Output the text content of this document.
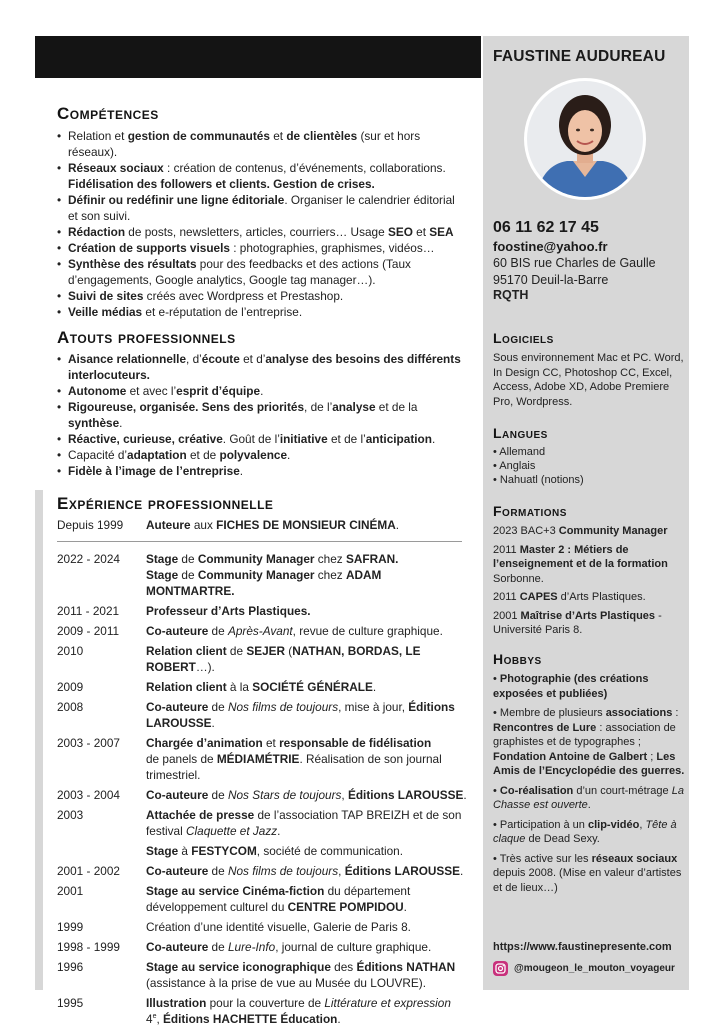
FAUSTINE AUDUREAU
06 11 62 17 45
foostine@yahoo.fr
60 BIS rue Charles de Gaulle
95170 Deuil-la-Barre
RQTH
Compétences
• Relation et gestion de communautés et de clientèles (sur et hors réseaux).
• Réseaux sociaux : création de contenus, d’événements, collaborations. Fidélisation des followers et clients. Gestion de crises.
• Définir ou redéfinir une ligne éditoriale. Organiser le calendrier éditorial et son suivi.
• Rédaction de posts, newsletters, articles, courriers… Usage SEO et SEA
• Création de supports visuels : photographies, graphismes, vidéos…
• Synthèse des résultats pour des feedbacks et des actions (Taux d’engagements, Google analytics, Google tag manager…).
• Suivi de sites créés avec Wordpress et Prestashop.
• Veille médias et e-réputation de l’entreprise.
Atouts professionnels
• Aisance relationnelle, d’écoute et d’analyse des besoins des différents interlocuteurs.
• Autonome et avec l’esprit d’équipe.
• Rigoureuse, organisée. Sens des priorités, de l’analyse et de la synthèse.
• Réactive, curieuse, créative. Goût de l’initiative et de l’anticipation.
• Capacité d’adaptation et de polyvalence.
• Fidèle à l’image de l’entreprise.
Expérience professionnelle
Depuis 1999	Auteure aux FICHES DE MONSIEUR CINÉMA.
2022 - 2024	Stage de Community Manager chez SAFRAN.
Stage de Community Manager chez ADAM MONTMARTRE.
2011 - 2021	Professeur d’Arts Plastiques.
2009 - 2011	Co-auteure de Après-Avant, revue de culture graphique.
2010	Relation client de SEJER (NATHAN, BORDAS, LE ROBERT…).
2009	Relation client à la SOCIÉTÉ GÉNÉRALE.
2008	Co-auteure de Nos films de toujours, mise à jour, Éditions LAROUSSE.
2003 - 2007	Chargée d’animation et responsable de fidélisation
de panels de MÉDIAMÉTRIE. Réalisation de son journal trimestriel.
2003 - 2004	Co-auteure de Nos Stars de toujours, Éditions LAROUSSE.
2003	Attachée de presse de l’association TAP BREIZH et de son festival Claquette et Jazz.
Stage à FESTYCOM, société de communication.
2001 - 2002	Co-auteure de Nos films de toujours, Éditions LAROUSSE.
2001	Stage au service Cinéma-fiction du département développement culturel du CENTRE POMPIDOU.
1999	Création d’une identité visuelle, Galerie de Paris 8.
1998 - 1999	Co-auteure de Lure-Info, journal de culture graphique.
1996	Stage au service iconographique des Éditions NATHAN (assistance à la prise de vue au Musée du LOUVRE).
1995	Illustration pour la couverture de Littérature et expression 4e, Éditions HACHETTE Éducation.
Logiciels
Sous environnement Mac et PC. Word, In Design CC, Photoshop CC, Excel, Access, Adobe XD, Adobe Premiere Pro, Wordpress.
Langues
• Allemand
• Anglais
• Nahuatl (notions)
Formations
2023 BAC+3 Community Manager
2011 Master 2 : Métiers de l’enseignement et de la formation
Sorbonne.
2011 CAPES d’Arts Plastiques.
2001 Maîtrise d’Arts Plastiques - Université Paris 8.
Hobbys
• Photographie (des créations exposées et publiées)
• Membre de plusieurs associations : Rencontres de Lure : association de graphistes et de typographes ; Fondation Antoine de Galbert ; Les Amis de l’Encyclopédie des guerres.
• Co-réalisation d’un court-métrage La Chasse est ouverte.
• Participation à un clip-vidéo, Tête à claque de Dead Sexy.
• Très active sur les réseaux sociaux depuis 2008. (Mise en valeur d’artistes et de lieux…)
https://www.faustinepresente.com
@mougeon_le_mouton_voyageur
